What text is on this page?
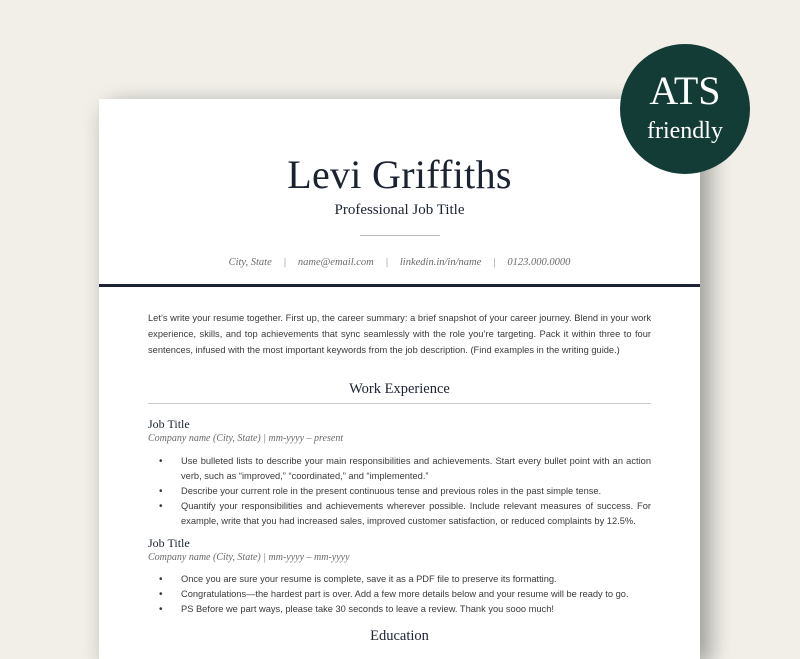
Levi Griffiths
Professional Job Title
City, State | name@email.com | linkedin.in/in/name | 0123.000.0000

Let’s write your resume together. First up, the career summary: a brief snapshot of your career journey. Blend in your work experience, skills, and top achievements that sync seamlessly with the role you’re targeting. Pack it within three to four sentences, infused with the most important keywords from the job description. (Find examples in the writing guide.)

Work Experience
Job Title
Company name (City, State) | mm-yyyy – present
• Use bulleted lists to describe your main responsibilities and achievements. Start every bullet point with an action verb, such as “improved,” “coordinated,” and “implemented.”
• Describe your current role in the present continuous tense and previous roles in the past simple tense.
• Quantify your responsibilities and achievements wherever possible. Include relevant measures of success. For example, write that you had increased sales, improved customer satisfaction, or reduced complaints by 12.5%.
Job Title
Company name (City, State) | mm-yyyy – mm-yyyy
• Once you are sure your resume is complete, save it as a PDF file to preserve its formatting.
• Congratulations—the hardest part is over. Add a few more details below and your resume will be ready to go.
• PS Before we part ways, please take 30 seconds to leave a review. Thank you sooo much!
Education
ATS
friendly
